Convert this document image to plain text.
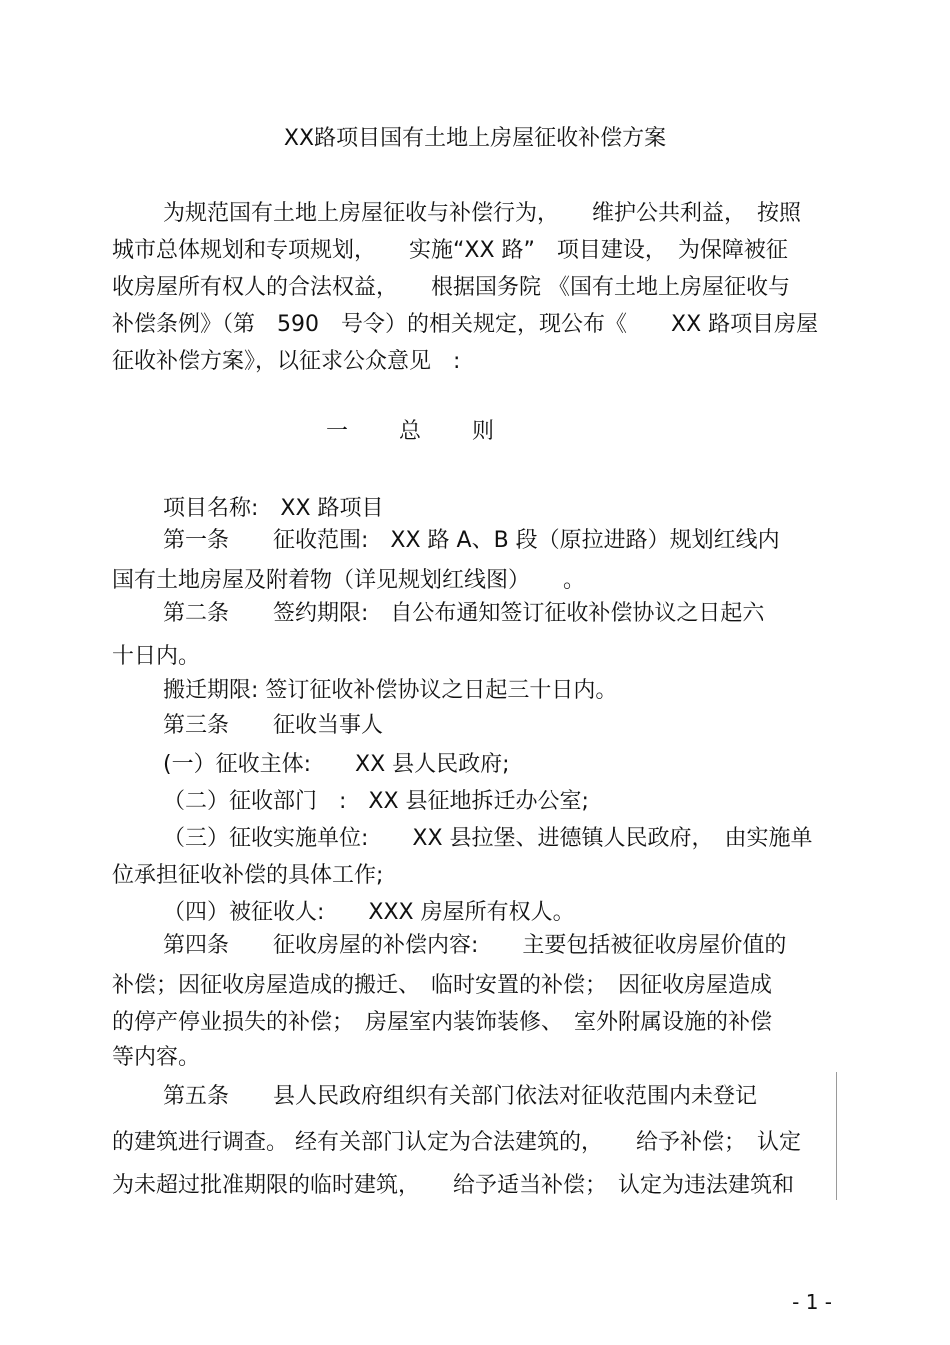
XX路项目国有土地上房屋征收补偿方案
为规范国有土地上房屋征收与补偿行为，　　维护公共利益，　按照
城市总体规划和专项规划，　　实施“XX 路”　项目建设，　为保障被征
收房屋所有权人的合法权益，　　根据国务院 《国有土地上房屋征收与
补偿条例》（第　590　号令）的相关规定，现公布《　　XX 路项目房屋
征收补偿方案》，以征求公众意见　:
一 总 则
项目名称:　XX 路项目
第一条　　征收范围:　XX 路 A、B 段（原拉进路）规划红线内
国有土地房屋及附着物（详见规划红线图）　　。
第二条　　签约期限:　自公布通知签订征收补偿协议之日起六
十日内。
搬迁期限: 签订征收补偿协议之日起三十日内。
第三条　　征收当事人
(一）征收主体:　　XX 县人民政府;
（二）征收部门　:　XX 县征地拆迁办公室;
（三）征收实施单位:　　XX 县拉堡、进德镇人民政府，　由实施单
位承担征收补偿的具体工作;
（四）被征收人:　　XXX 房屋所有权人。
第四条　　征收房屋的补偿内容:　　主要包括被征收房屋价值的
补偿；因征收房屋造成的搬迁、　临时安置的补偿；　因征收房屋造成
的停产停业损失的补偿；　房屋室内装饰装修、　室外附属设施的补偿
等内容。
第五条　　县人民政府组织有关部门依法对征收范围内未登记
的建筑进行调查。 经有关部门认定为合法建筑的，　　给予补偿；　认定
为未超过批准期限的临时建筑，　　给予适当补偿；　认定为违法建筑和
- 1 -
